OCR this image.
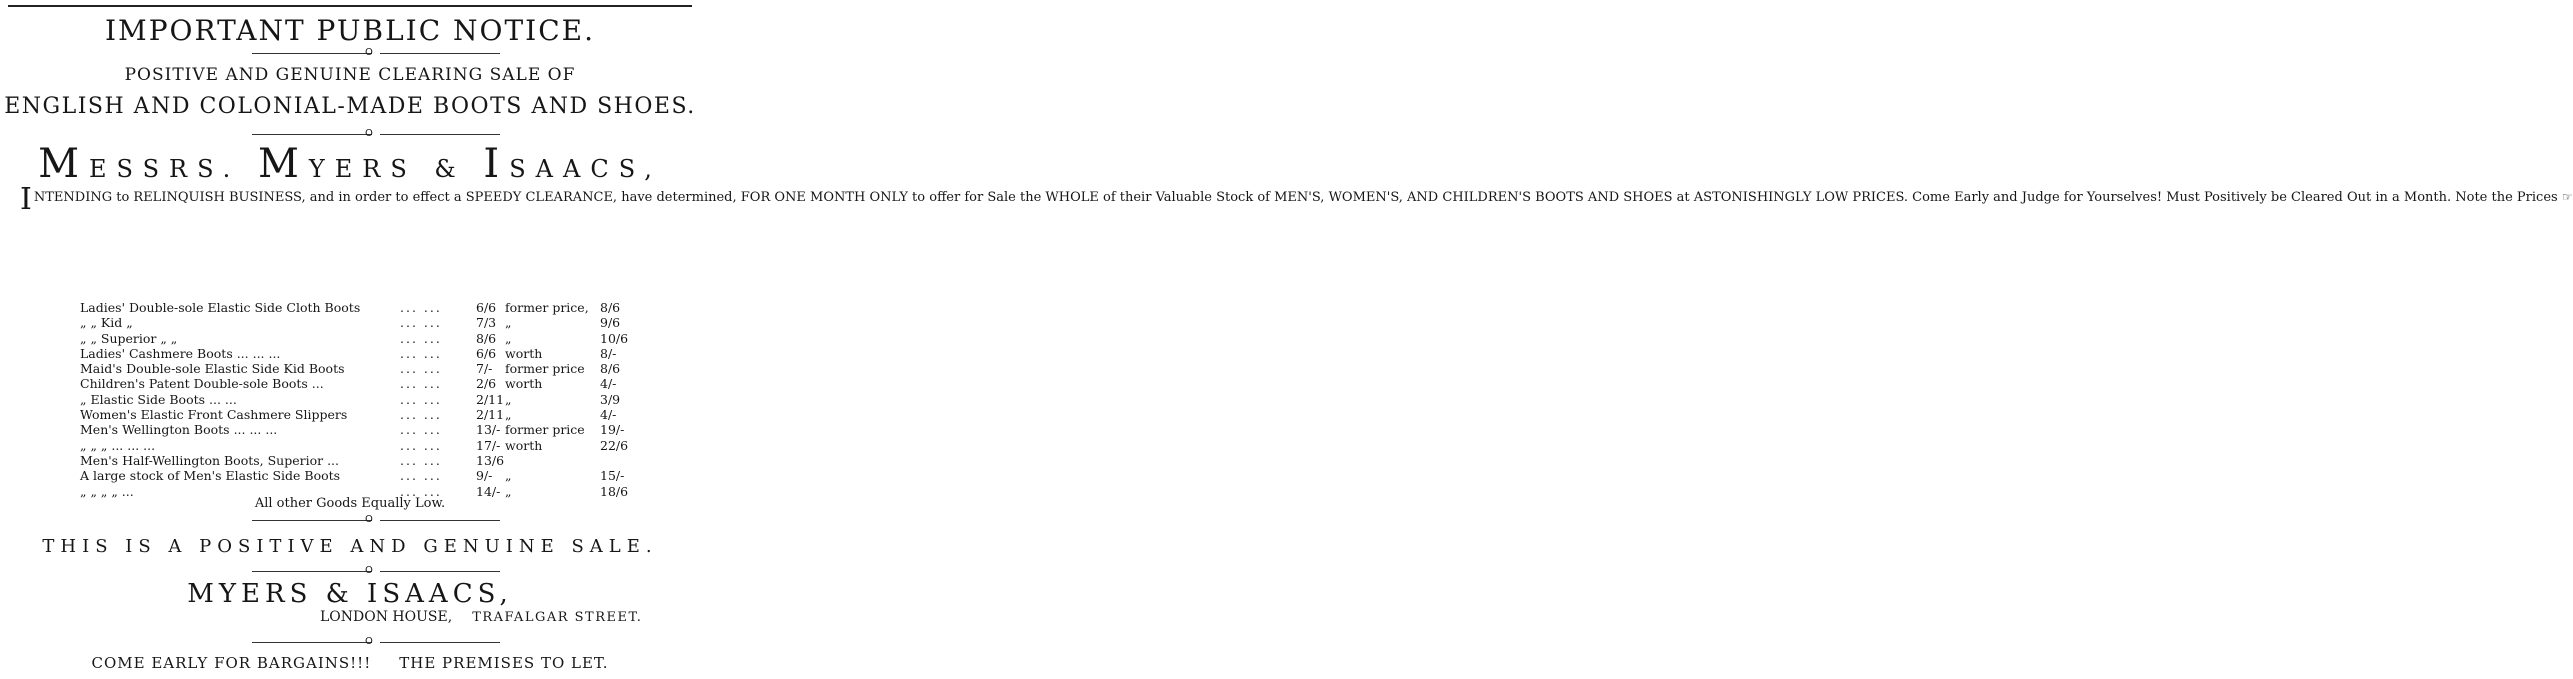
IMPORTANT PUBLIC NOTICE.
O
POSITIVE AND GENUINE CLEARING SALE OF
ENGLISH AND COLONIAL-MADE BOOTS AND SHOES.
O
MESSRS. MYERS & ISAACS,
INTENDING to RELINQUISH BUSINESS, and in order to effect a SPEEDY CLEARANCE, have determined, FOR ONE MONTH ONLY to offer for Sale the WHOLE of their Valuable Stock of MEN'S, WOMEN'S, AND CHILDREN'S BOOTS AND SHOES at ASTONISHINGLY LOW PRICES. Come Early and Judge for Yourselves! Must Positively be Cleared Out in a Month. Note the Prices ☞
Ladies' Double-sole Elastic Side Cloth Boots	... ...	6/6 former price, 8/6
„ „ Kid „	... ...	7/3 „	9/6
„ „ Superior „ „	... ...	8/6 „	10/6
Ladies' Cashmere Boots ... ... ...	... ...	6/6 worth	8/-
Maid's Double-sole Elastic Side Kid Boots	... ...	7/- former price 8/6
Children's Patent Double-sole Boots ...	... ...	2/6 worth	4/-
„ Elastic Side Boots ... ...	... ...	2/11 „	3/9
Women's Elastic Front Cashmere Slippers	... ...	2/11 „	4/-
Men's Wellington Boots ... ... ...	... ...	13/- former price 19/-
„ „ „ ... ... ...	... ...	17/- worth	22/6
Men's Half-Wellington Boots, Superior ...	... ...	13/6
A large stock of Men's Elastic Side Boots	... ...	9/- „	15/-
„ „ „ „ ...	... ...	14/- „	18/6
All other Goods Equally Low.
O
THIS IS A POSITIVE AND GENUINE SALE.
O
MYERS & ISAACS,
LONDON HOUSE, TRAFALGAR STREET.
O
COME EARLY FOR BARGAINS!!! THE PREMISES TO LET.
